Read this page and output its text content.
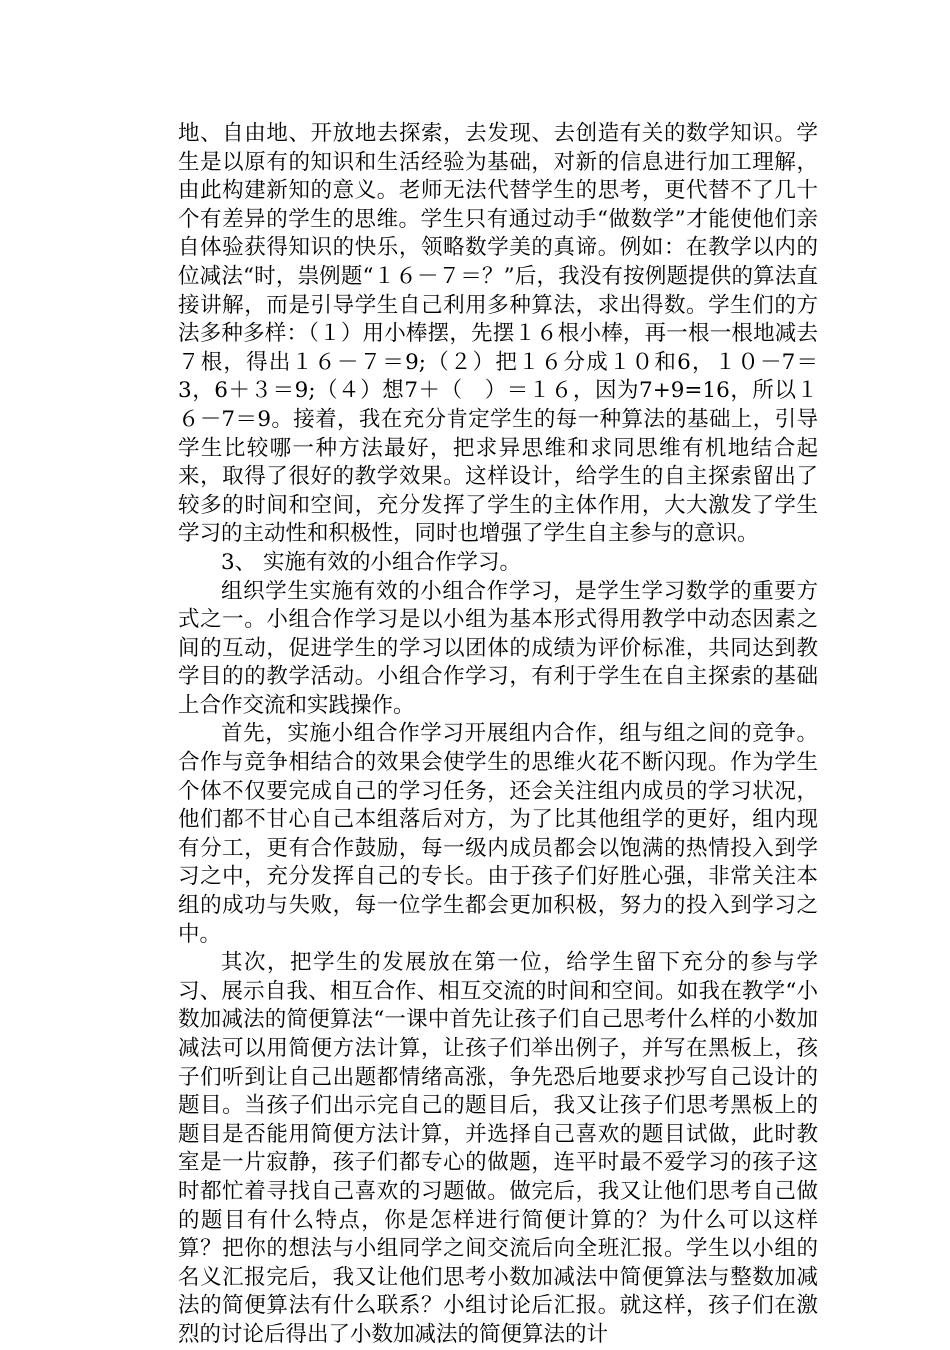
地、自由地、开放地去探索，去发现、去创造有关的数学知识。学生是以原有的知识和生活经验为基础，对新的信息进行加工理解，由此构建新知的意义。老师无法代替学生的思考，更代替不了几十个有差异的学生的思维。学生只有通过动手“做数学”才能使他们亲自体验获得知识的快乐，领略数学美的真谛。例如：在教学以内的　位减法“时，祟例题“１６－７＝？”后，我没有按例题提供的算法直接讲解，而是引导学生自己利用多种算法，求出得数。学生们的方法多种多样：（１）用小棒摆，先摆１６根小棒，再一根一根地减去７根，得出１６－７＝9;（２）把１６分成１０和6，１０－7＝3，6＋３＝9;（４）想7＋（　）＝１６，因为7+9=16，所以１６－7＝9。接着，我在充分肯定学生的每一种算法的基础上，引导学生比较哪一种方法最好，把求异思维和求同思维有机地结合起来，取得了很好的教学效果。这样设计，给学生的自主探索留出了较多的时间和空间，充分发挥了学生的主体作用，大大激发了学生学习的主动性和积极性，同时也增强了学生自主参与的意识。

3、 实施有效的小组合作学习。

组织学生实施有效的小组合作学习，是学生学习数学的重要方式之一。小组合作学习是以小组为基本形式得用教学中动态因素之间的互动，促进学生的学习以团体的成绩为评价标准，共同达到教学目的的教学活动。小组合作学习，有利于学生在自主探索的基础上合作交流和实践操作。

首先，实施小组合作学习开展组内合作，组与组之间的竞争。合作与竞争相结合的效果会使学生的思维火花不断闪现。作为学生个体不仅要完成自己的学习任务，还会关注组内成员的学习状况，他们都不甘心自己本组落后对方，为了比其他组学的更好，组内现有分工，更有合作鼓励，每一级内成员都会以饱满的热情投入到学习之中，充分发挥自己的专长。由于孩子们好胜心强，非常关注本组的成功与失败，每一位学生都会更加积极，努力的投入到学习之中。

其次，把学生的发展放在第一位，给学生留下充分的参与学习、展示自我、相互合作、相互交流的时间和空间。如我在教学“小数加减法的简便算法“一课中首先让孩子们自己思考什么样的小数加减法可以用简便方法计算，让孩子们举出例子，并写在黑板上，孩子们听到让自己出题都情绪高涨，争先恐后地要求抄写自己设计的题目。当孩子们出示完自己的题目后，我又让孩子们思考黑板上的题目是否能用简便方法计算，并选择自己喜欢的题目试做，此时教室是一片寂静，孩子们都专心的做题，连平时最不爱学习的孩子这时都忙着寻找自己喜欢的习题做。做完后，我又让他们思考自己做的题目有什么特点，你是怎样进行简便计算的？为什么可以这样算？把你的想法与小组同学之间交流后向全班汇报。学生以小组的名义汇报完后，我又让他们思考小数加减法中简便算法与整数加减法的简便算法有什么联系？小组讨论后汇报。就这样，孩子们在激烈的讨论后得出了小数加减法的简便算法的计
